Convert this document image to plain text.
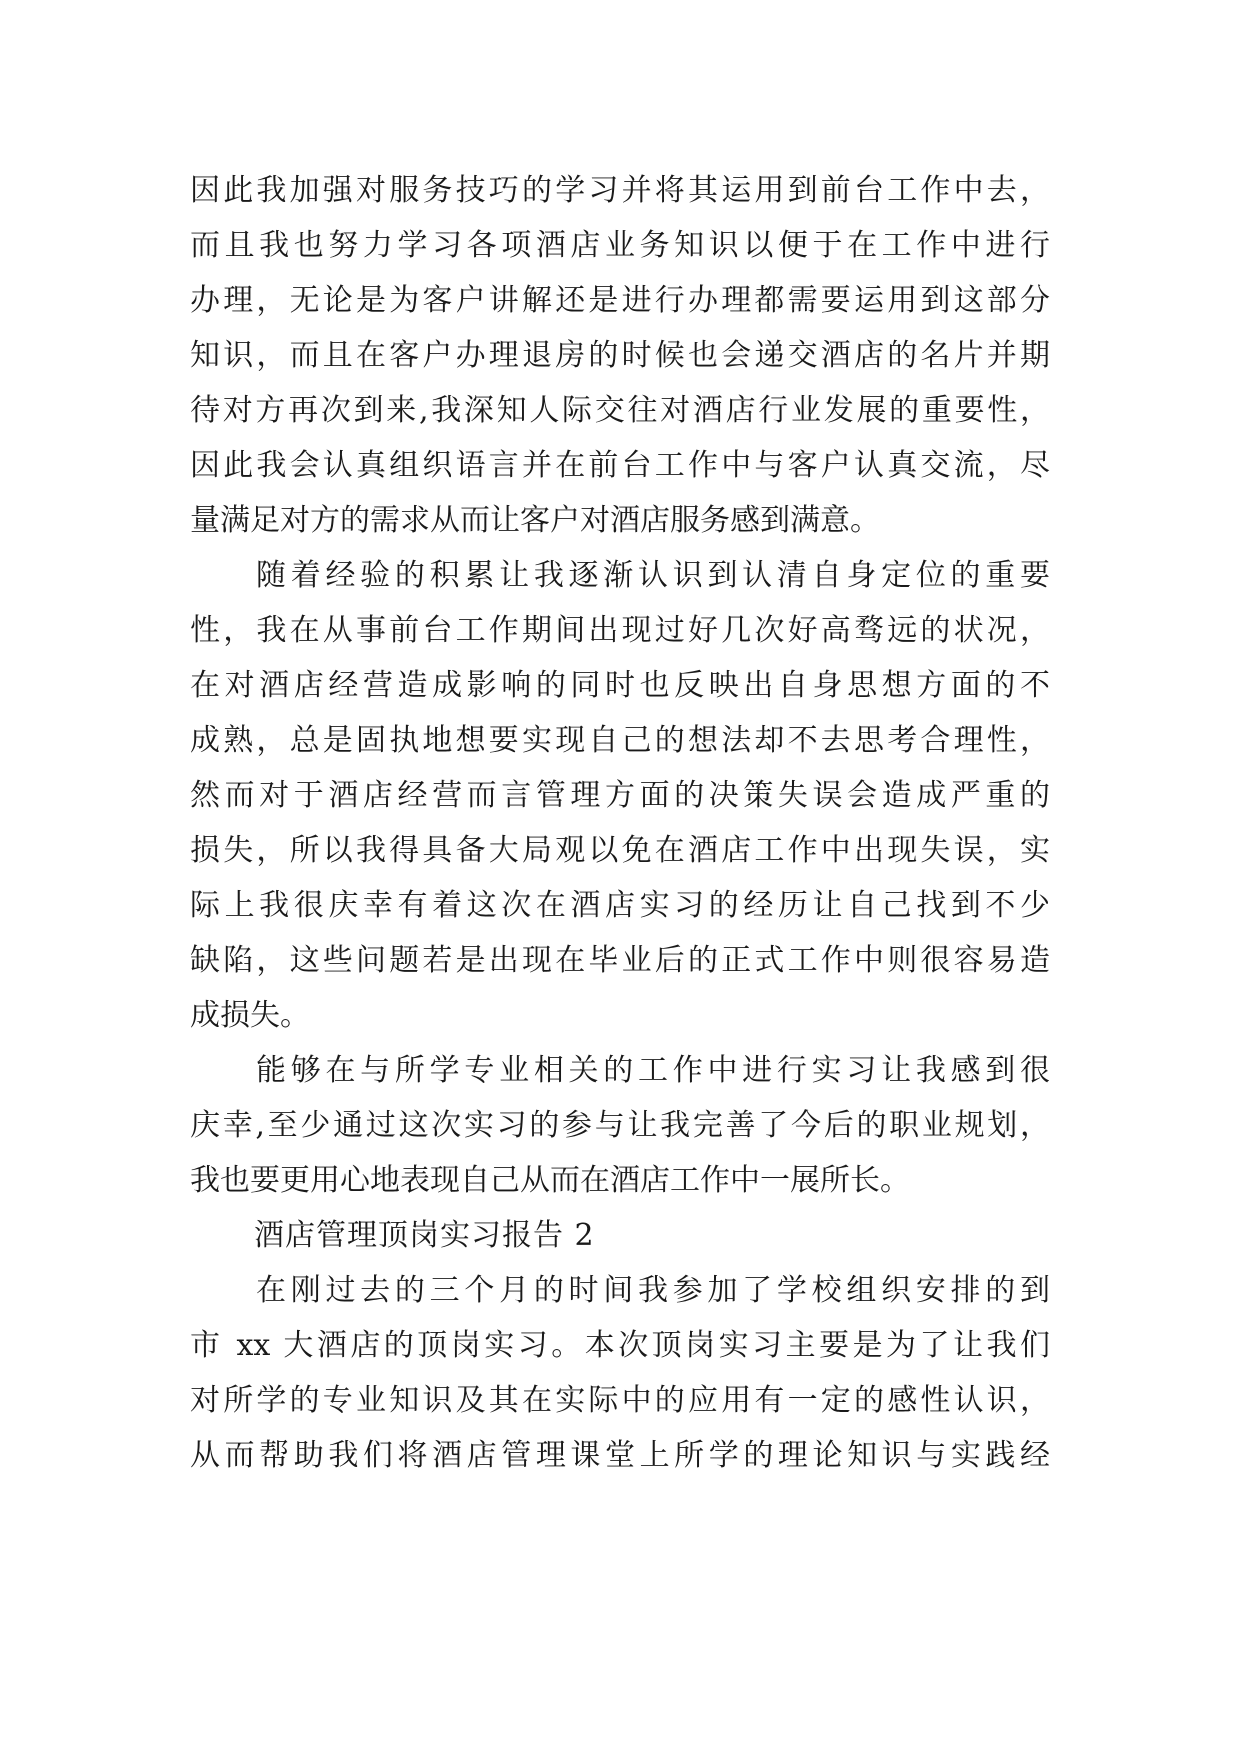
因此我加强对服务技巧的学习并将其运用到前台工作中去，
而且我也努力学习各项酒店业务知识以便于在工作中进行
办理，无论是为客户讲解还是进行办理都需要运用到这部分
知识，而且在客户办理退房的时候也会递交酒店的名片并期
待对方再次到来,我深知人际交往对酒店行业发展的重要性，
因此我会认真组织语言并在前台工作中与客户认真交流，尽
量满足对方的需求从而让客户对酒店服务感到满意。
随着经验的积累让我逐渐认识到认清自身定位的重要
性，我在从事前台工作期间出现过好几次好高骛远的状况，
在对酒店经营造成影响的同时也反映出自身思想方面的不
成熟，总是固执地想要实现自己的想法却不去思考合理性，
然而对于酒店经营而言管理方面的决策失误会造成严重的
损失，所以我得具备大局观以免在酒店工作中出现失误，实
际上我很庆幸有着这次在酒店实习的经历让自己找到不少
缺陷，这些问题若是出现在毕业后的正式工作中则很容易造
成损失。
能够在与所学专业相关的工作中进行实习让我感到很
庆幸,至少通过这次实习的参与让我完善了今后的职业规划，
我也要更用心地表现自己从而在酒店工作中一展所长。
酒店管理顶岗实习报告 2
在刚过去的三个月的时间我参加了学校组织安排的到
市 xx 大酒店的顶岗实习。本次顶岗实习主要是为了让我们
对所学的专业知识及其在实际中的应用有一定的感性认识，
从而帮助我们将酒店管理课堂上所学的理论知识与实践经
